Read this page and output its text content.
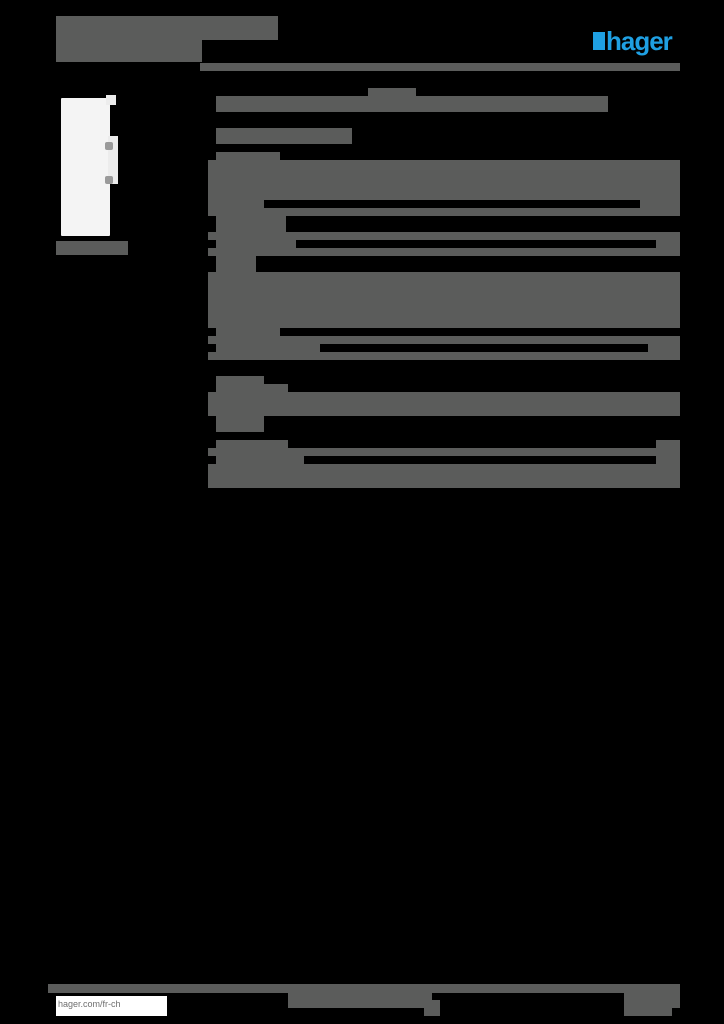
hager
hager.com/fr-ch
